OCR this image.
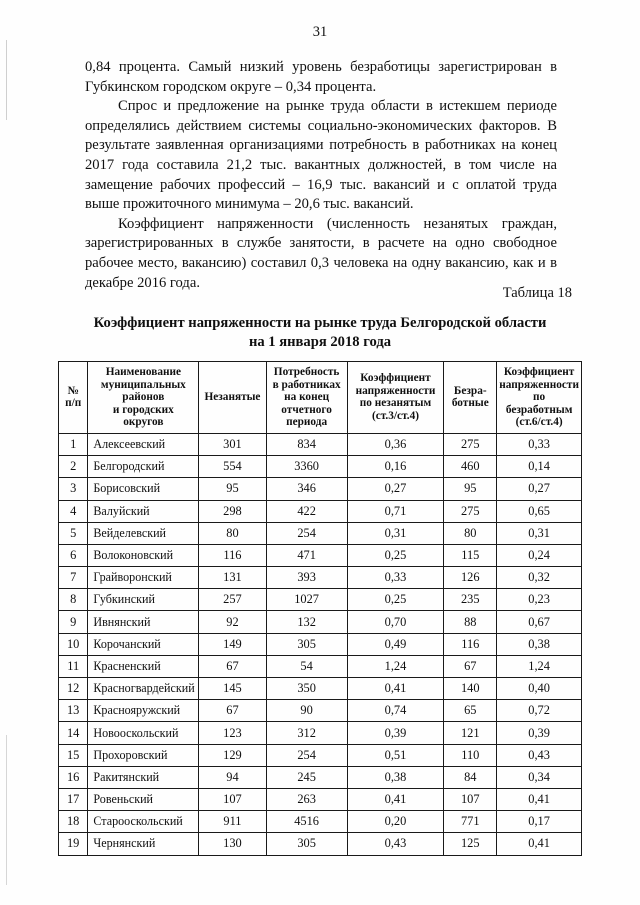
31

0,84 процента. Самый низкий уровень безработицы зарегистрирован в Губкинском городском округе – 0,34 процента.

Спрос и предложение на рынке труда области в истекшем периоде определялись действием системы социально-экономических факторов. В результате заявленная организациями потребность в работниках на конец 2017 года составила 21,2 тыс. вакантных должностей, в том числе на замещение рабочих профессий – 16,9 тыс. вакансий и с оплатой труда выше прожиточного минимума – 20,6 тыс. вакансий.

Коэффициент напряженности (численность незанятых граждан, зарегистрированных в службе занятости, в расчете на одно свободное рабочее место, вакансию) составил 0,3 человека на одну вакансию, как и в декабре 2016 года.

Таблица 18
Коэффициент напряженности на рынке труда Белгородской области
на 1 января 2018 года
№
п/п	Наименование
муниципальных
районов
и городских
округов	Незанятые	Потребность
в работниках
на конец
отчетного
периода	Коэффициент
напряженности
по незанятым
(ст.3/ст.4)	Безра-
ботные	Коэффициент
напряженности
по безработным
(ст.6/ст.4)
1	Алексеевский	301	834	0,36	275	0,33
2	Белгородский	554	3360	0,16	460	0,14
3	Борисовский	95	346	0,27	95	0,27
4	Валуйский	298	422	0,71	275	0,65
5	Вейделевский	80	254	0,31	80	0,31
6	Волоконовский	116	471	0,25	115	0,24
7	Грайворонский	131	393	0,33	126	0,32
8	Губкинский	257	1027	0,25	235	0,23
9	Ивнянский	92	132	0,70	88	0,67
10	Корочанский	149	305	0,49	116	0,38
11	Красненский	67	54	1,24	67	1,24
12	Красногвардейский	145	350	0,41	140	0,40
13	Краснояружский	67	90	0,74	65	0,72
14	Новооскольский	123	312	0,39	121	0,39
15	Прохоровский	129	254	0,51	110	0,43
16	Ракитянский	94	245	0,38	84	0,34
17	Ровеньский	107	263	0,41	107	0,41
18	Старооскольский	911	4516	0,20	771	0,17
19	Чернянский	130	305	0,43	125	0,41
